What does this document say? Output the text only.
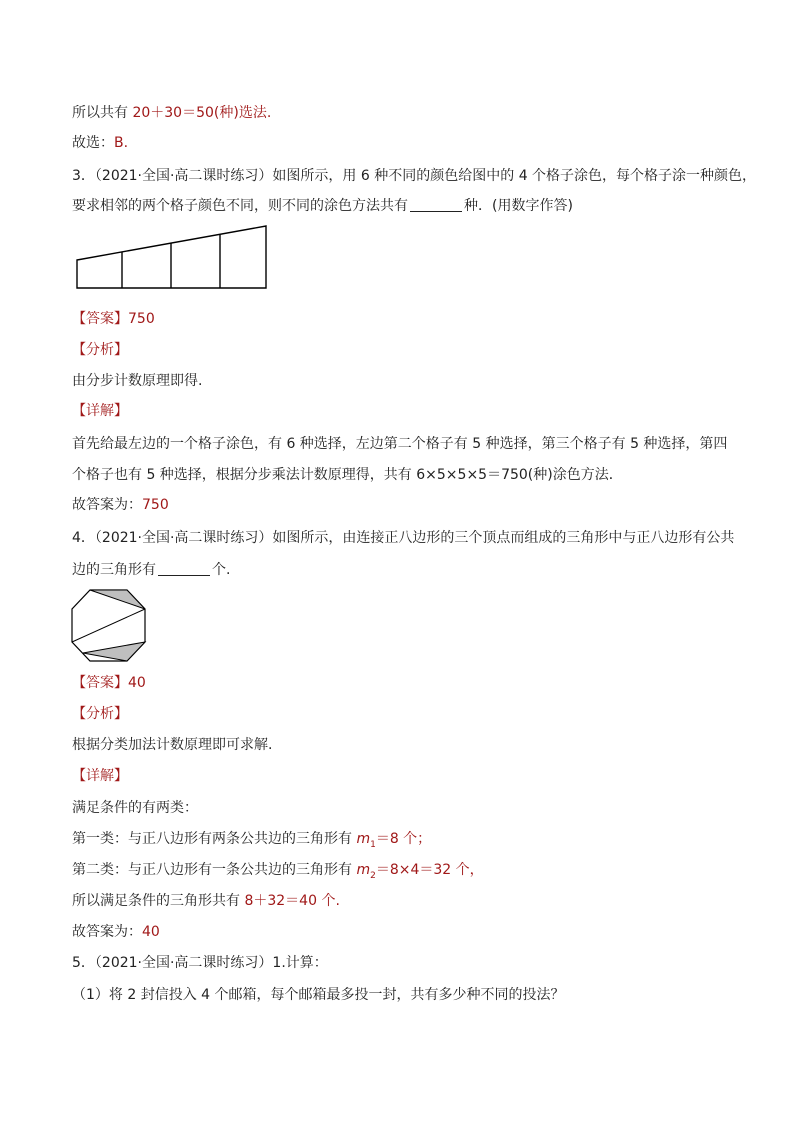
所以共有 20＋30＝50(种)选法.
故选：B.
3．（2021·全国·高二课时练习）如图所示，用 6 种不同的颜色给图中的 4 个格子涂色，每个格子涂一种颜色，
要求相邻的两个格子颜色不同，则不同的涂色方法共有	种．(用数字作答)
【答案】750
【分析】
由分步计数原理即得.
【详解】
首先给最左边的一个格子涂色，有 6 种选择，左边第二个格子有 5 种选择，第三个格子有 5 种选择，第四
个格子也有 5 种选择，根据分步乘法计数原理得，共有 6×5×5×5＝750(种)涂色方法．
故答案为：750
4．（2021·全国·高二课时练习）如图所示，由连接正八边形的三个顶点而组成的三角形中与正八边形有公共
边的三角形有	个.
【答案】40
【分析】
根据分类加法计数原理即可求解.
【详解】
满足条件的有两类：
第一类：与正八边形有两条公共边的三角形有 $m_1=8$ 个；
第二类：与正八边形有一条公共边的三角形有 $m_2=8\times 4=32$ 个，
所以满足条件的三角形共有 8＋32＝40 个.
故答案为：40
5．（2021·全国·高二课时练习）1.计算：
（1）将 2 封信投入 4 个邮箱，每个邮箱最多投一封，共有多少种不同的投法？
